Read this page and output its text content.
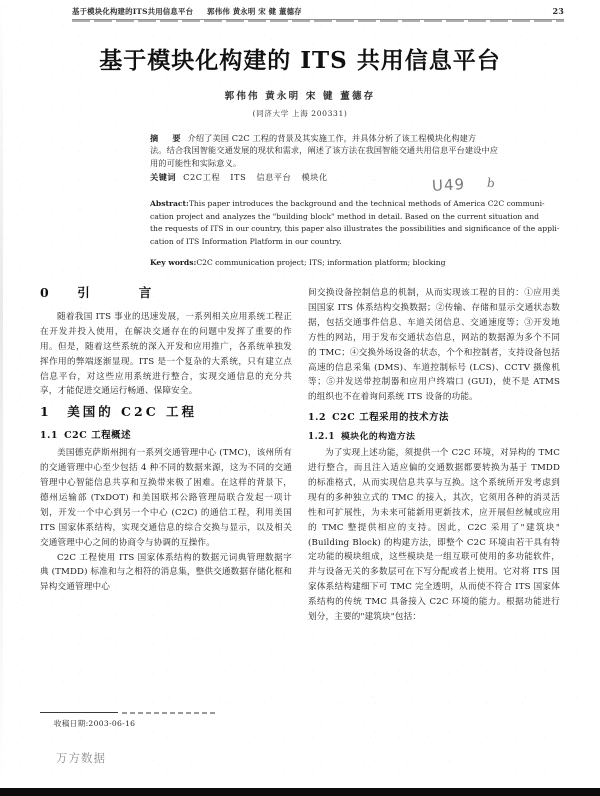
基于模块化构建的ITS共用信息平台 郭伟伟 黄永明 宋 健 董德存	23
基于模块化构建的 ITS 共用信息平台
郭伟伟 黄永明 宋 键 董德存
(同济大学 上海 200331)
摘　要 介绍了美国 C2C 工程的背景及其实施工作，并具体分析了该工程模块化构建方
法。结合我国智能交通发展的现状和需求，阐述了该方法在我国智能交通共用信息平台建设中应
用的可能性和实际意义。
关键词 C2C工程 ITS 信息平台 模块化	U49 b
Abstract:This paper introduces the background and the technical methods of America C2C communi-
cation project and analyzes the "building block" method in detail. Based on the current situation and
the requests of ITS in our country, this paper also illustrates the possibilities and significance of the appli-
cation of ITS Information Platform in our country.
Key words:C2C communication project; ITS; information platform; blocking
0　引　　言

随着我国 ITS 事业的迅速发展，一系列相关应用系统工程正在开发并投入使用，在解决交通存在的问题中发挥了重要的作用。但是，随着这些系统的深入开发和应用推广，各系统单独发挥作用的弊端逐渐显现。ITS 是一个复杂的大系统，只有建立点信息平台，对这些应用系统进行整合，实现交通信息的充分共享，才能促进交通运行畅通、保障安全。

1　美国的 C2C 工程
1.1 C2C 工程概述

美国德克萨斯州拥有一系列交通管理中心 (TMC)，该州所有的交通管理中心至少包括 4 种不同的数据来源，这为不同的交通管理中心智能信息共享和互换带来极了困难。在这样的背景下，德州运输部 (TxDOT) 和美国联邦公路管理局联合发起一项计划，开发一个中心到另一个中心 (C2C) 的通信工程，利用美国 ITS 国家体系结构，实现交通信息的综合交换与显示，以及相关交通管理中心之间的协商令与协调的互操作。

C2C 工程使用 ITS 国家体系结构的数据元词典管理数据字典 (TMDD) 标准和与之相符的消息集，整供交通数据存储化框和异构交通管理中心

间交换设备控制信息的机制，从而实现该工程的目的：①应用美国国家 ITS 体系结构交换数据；②传输、存储和显示交通状态数据，包括交通事件信息、车道关闭信息、交通速度等；③开发地方性的网站，用于发布交通状态信息，网站的数据源为多个不同的 TMC；④交换外场设备的状态，个个和控制者，支持设备包括高速的信息采集 (DMS)、车道控制标号 (LCS)、CCTV 摄像机等；⑤并发送带控制器和应用户终端口 (GUI)，使不是 ATMS 的组织也不在着询问系统 ITS 设备的功能。

1.2 C2C 工程采用的技术方法
1.2.1 模块化的构造方法

为了实现上述功能，须提供一个 C2C 环境，对异构的 TMC 进行整合，而且注入适应偏的交通数据都要转换为基于 TMDD 的标准格式，从而实现信息共享与互换。这个系统所开发考虑到现有的多种独立式的 TMC 的接入，其次，它须用各种的消灵活性和可扩展性，为未来可能新用更新技术，应开展但丝械或应用的 TMC 整提供相应的支持。因此，C2C 采用了"建筑块"(Building Block) 的构建方法，即整个 C2C 环境由若干具有特定功能的模块组成，这些模块是一组互联可使用的多功能软件，并与设备无关的多数层可在下写分配或者上使用。它对将 ITS 国家体系结构建细下可 TMC 完全透明，从而使不符合 ITS 国家体系结构的传统 TMC 具备接入 C2C 环境的能力。根据功能进行划分，主要的"建筑块"包括：

收稿日期:2003-06-16
万方数据
